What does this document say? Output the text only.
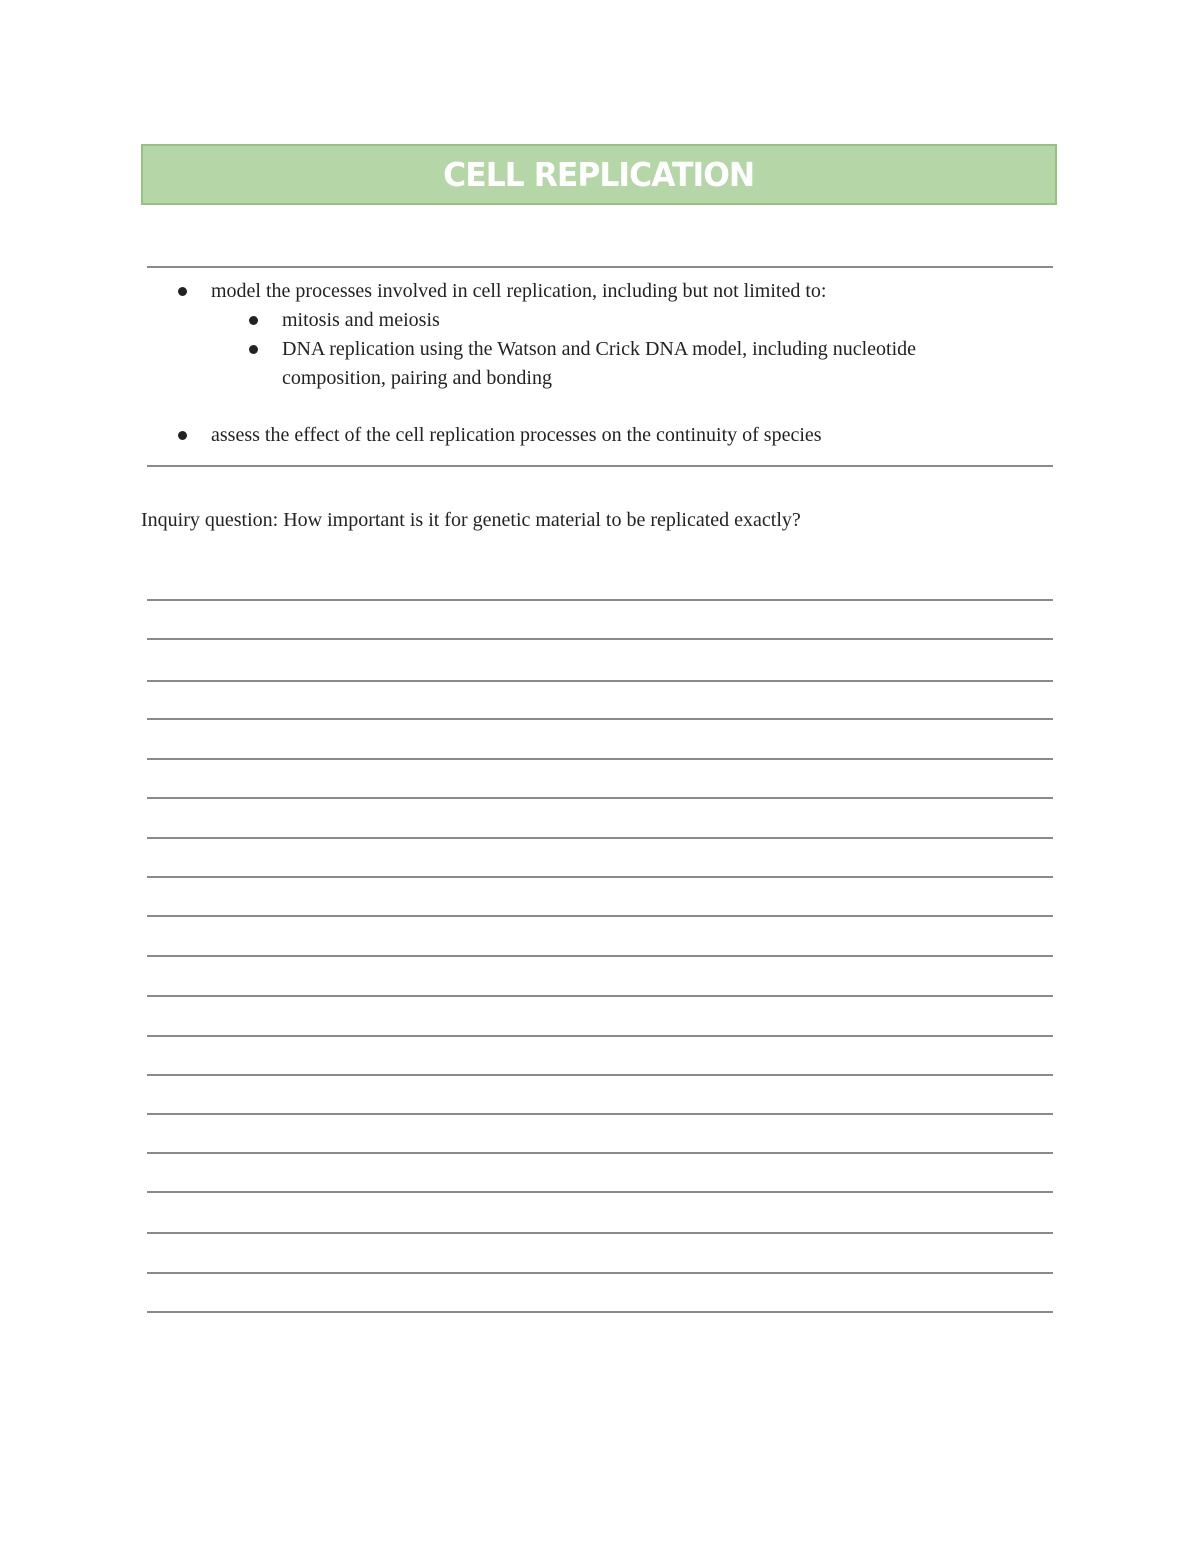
CELL REPLICATION
model the processes involved in cell replication, including but not limited to:
mitosis and meiosis
DNA replication using the Watson and Crick DNA model, including nucleotide
composition, pairing and bonding
assess the effect of the cell replication processes on the continuity of species
Inquiry question: How important is it for genetic material to be replicated exactly?
